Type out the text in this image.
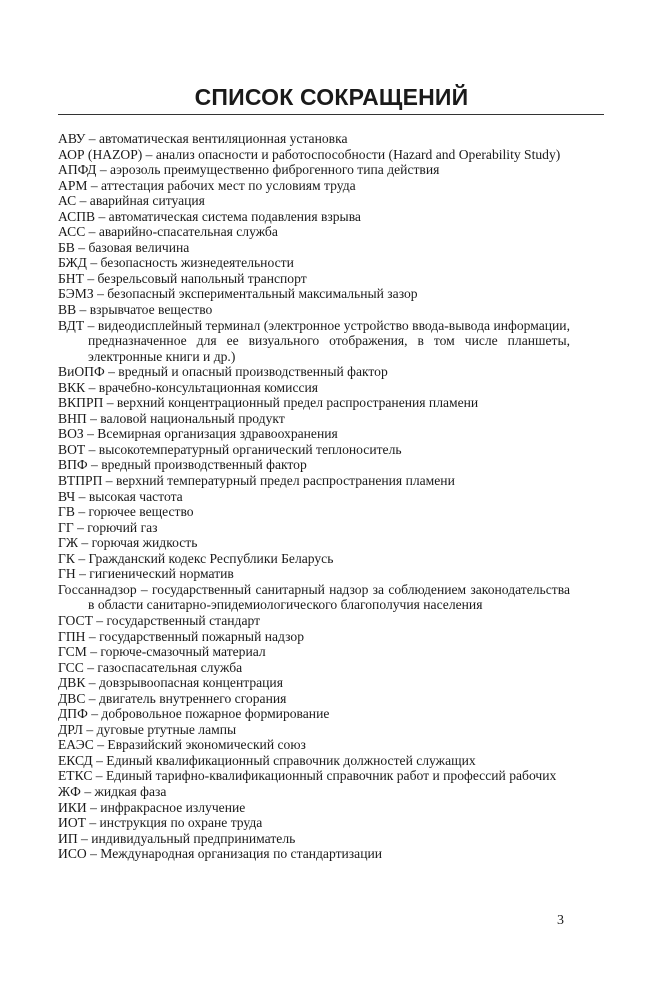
СПИСОК СОКРАЩЕНИЙ

АВУ – автоматическая вентиляционная установка

АОР (HAZOP) – анализ опасности и работоспособности (Hazard and Operability Study)

АПФД – аэрозоль преимущественно фиброгенного типа действия

АРМ – аттестация рабочих мест по условиям труда

АС – аварийная ситуация

АСПВ – автоматическая система подавления взрыва

АСС – аварийно-спасательная служба

БВ – базовая величина

БЖД – безопасность жизнедеятельности

БНТ – безрельсовый напольный транспорт

БЭМЗ – безопасный экспериментальный максимальный зазор

ВВ – взрывчатое вещество

ВДТ – видеодисплейный терминал (электронное устройство ввода-вывода информации, предназначенное для ее визуального отображения, в том числе планшеты, электронные книги и др.)

ВиОПФ – вредный и опасный производственный фактор

ВКК – врачебно-консультационная комиссия

ВКПРП – верхний концентрационный предел распространения пламени

ВНП – валовой национальный продукт

ВОЗ – Всемирная организация здравоохранения

ВОТ – высокотемпературный органический теплоноситель

ВПФ – вредный производственный фактор

ВТПРП – верхний температурный предел распространения пламени

ВЧ – высокая частота

ГВ – горючее вещество

ГГ – горючий газ

ГЖ – горючая жидкость

ГК – Гражданский кодекс Республики Беларусь

ГН – гигиенический норматив

Госсаннадзор – государственный санитарный надзор за соблюдением законодательства в области санитарно-эпидемиологического благополучия населения

ГОСТ – государственный стандарт

ГПН – государственный пожарный надзор

ГСМ – горюче-смазочный материал

ГСС – газоспасательная служба

ДВК – довзрывоопасная концентрация

ДВС – двигатель внутреннего сгорания

ДПФ – добровольное пожарное формирование

ДРЛ – дуговые ртутные лампы

ЕАЭС – Евразийский экономический союз

ЕКСД – Единый квалификационный справочник должностей служащих

ЕТКС – Единый тарифно-квалификационный справочник работ и профессий рабочих

ЖФ – жидкая фаза

ИКИ – инфракрасное излучение

ИОТ – инструкция по охране труда

ИП – индивидуальный предприниматель

ИСО – Международная организация по стандартизации

3
